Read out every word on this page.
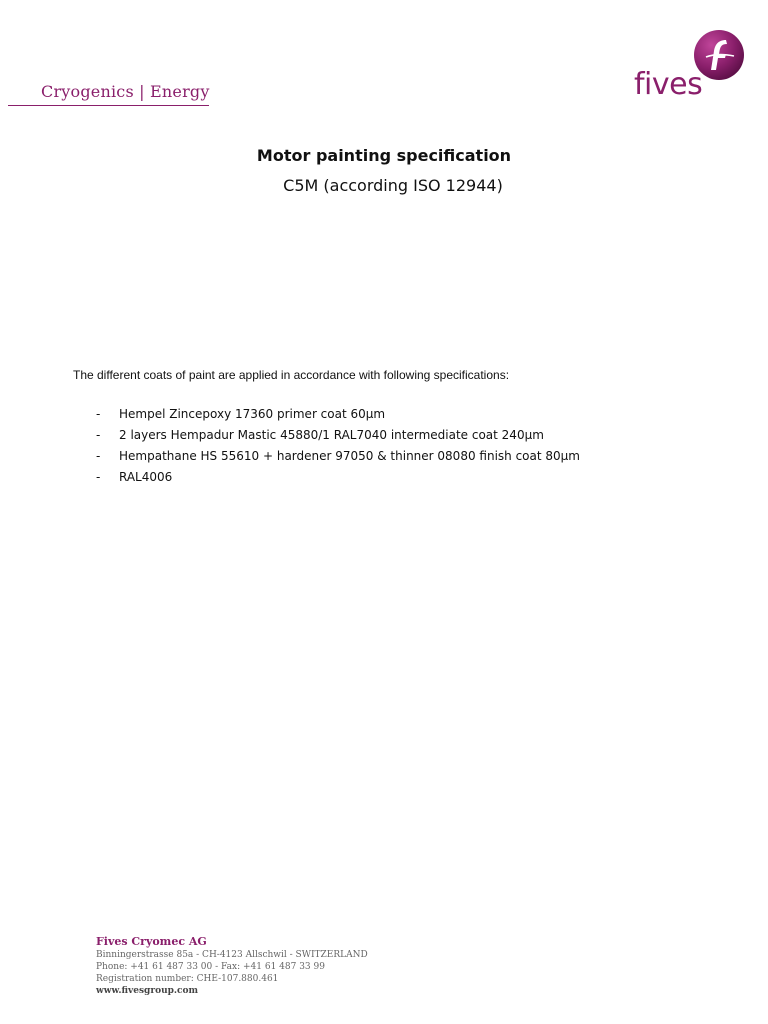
Cryogenics | Energy	fives
Motor painting specification
C5M (according ISO 12944)
The different coats of paint are applied in accordance with following specifications:
- Hempel Zincepoxy 17360 primer coat 60µm
- 2 layers Hempadur Mastic 45880/1 RAL7040 intermediate coat 240µm
- Hempathane HS 55610 + hardener 97050 & thinner 08080 finish coat 80µm
- RAL4006
Fives Cryomec AG
Binningerstrasse 85a - CH-4123 Allschwil - SWITZERLAND
Phone: +41 61 487 33 00 - Fax: +41 61 487 33 99
Registration number: CHE-107.880.461
www.fivesgroup.com
